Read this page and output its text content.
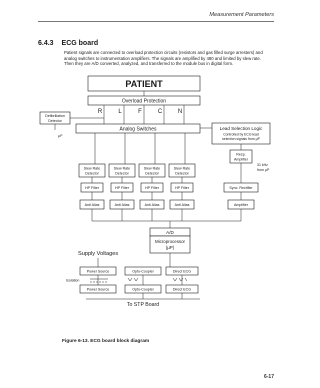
Measurement Parameters
6.4.3 ECG board
Patient signals are connected to overload protection circuits (resistors and gas filled surge arresters) and analog switches to instrumentation amplifiers. The signals are amplified by 480 and limited by slew rate. Then they are A/D converted, analyzed, and transferred to the module bus in digital form.
PATIENT
Overload Protection
R	L	F	C	N
Defibrillation
Detector
µP
Analog Switches	Lead Selection Logic
Controlled by ECG lead
selection signals from µP
Slew Rate
Detector
Slew Rate
Detector
Slew Rate
Detector
Slew Rate
Detector
HP Filter	HP Filter	HP Filter	HP Filter
Anti Alias	Anti Alias	Anti Alias	Anti Alias
Resp.
Amplifier
31 kHz
from µP
Sync. Rectifier
Amplifier
A/D
Microprocessor
(µP)
Supply Voltages
Power Source	Opto-Coupler	Direct ECG
Isolation
Power Source	Opto-Coupler	Direct ECG
To STP Board
Figure 6-13. ECG board block diagram
6-17
